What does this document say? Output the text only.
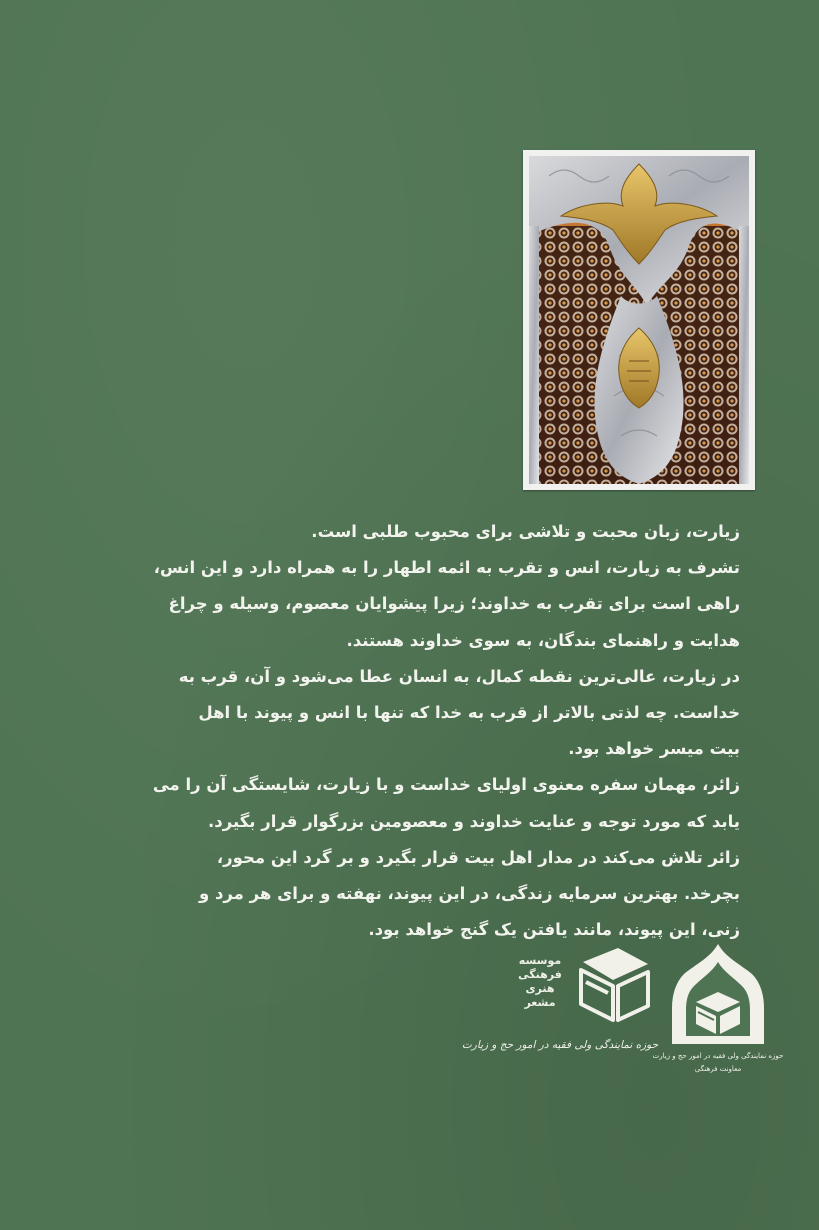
زیارت، زبان محبت و تلاشی برای محبوب طلبی است.

تشرف به زیارت، انس و تقرب به ائمه اطهار را به همراه دارد و این انس،

راهی است برای تقرب به خداوند؛ زیرا پیشوایان معصوم، وسیله و چراغ

هدایت و راهنمای بندگان، به سوی خداوند هستند.

در زیارت، عالی‌ترین نقطه کمال، به انسان عطا می‌شود و آن، قرب به

خداست. چه لذتی بالاتر از قرب به خدا که تنها با انس و پیوند با اهل

بیت میسر خواهد بود.

زائر، مهمان سفره معنوی اولیای خداست و با زیارت، شایستگی آن را می

یابد که مورد توجه و عنایت خداوند و معصومین بزرگوار قرار بگیرد.

زائر تلاش می‌کند در مدار اهل بیت قرار بگیرد و بر گرد این محور،

بچرخد. بهترین سرمایه زندگی، در این پیوند، نهفته و برای هر مرد و

زنی، این پیوند، مانند یافتن یک گنج خواهد بود.

موسسه
فرهنگی
هنری
مشعر
حوزه نمایندگی ولی فقیه در امور حج و زیارت
حوزه نمایندگی ولی فقیه در امور حج و زیارت
معاونت فرهنگی
